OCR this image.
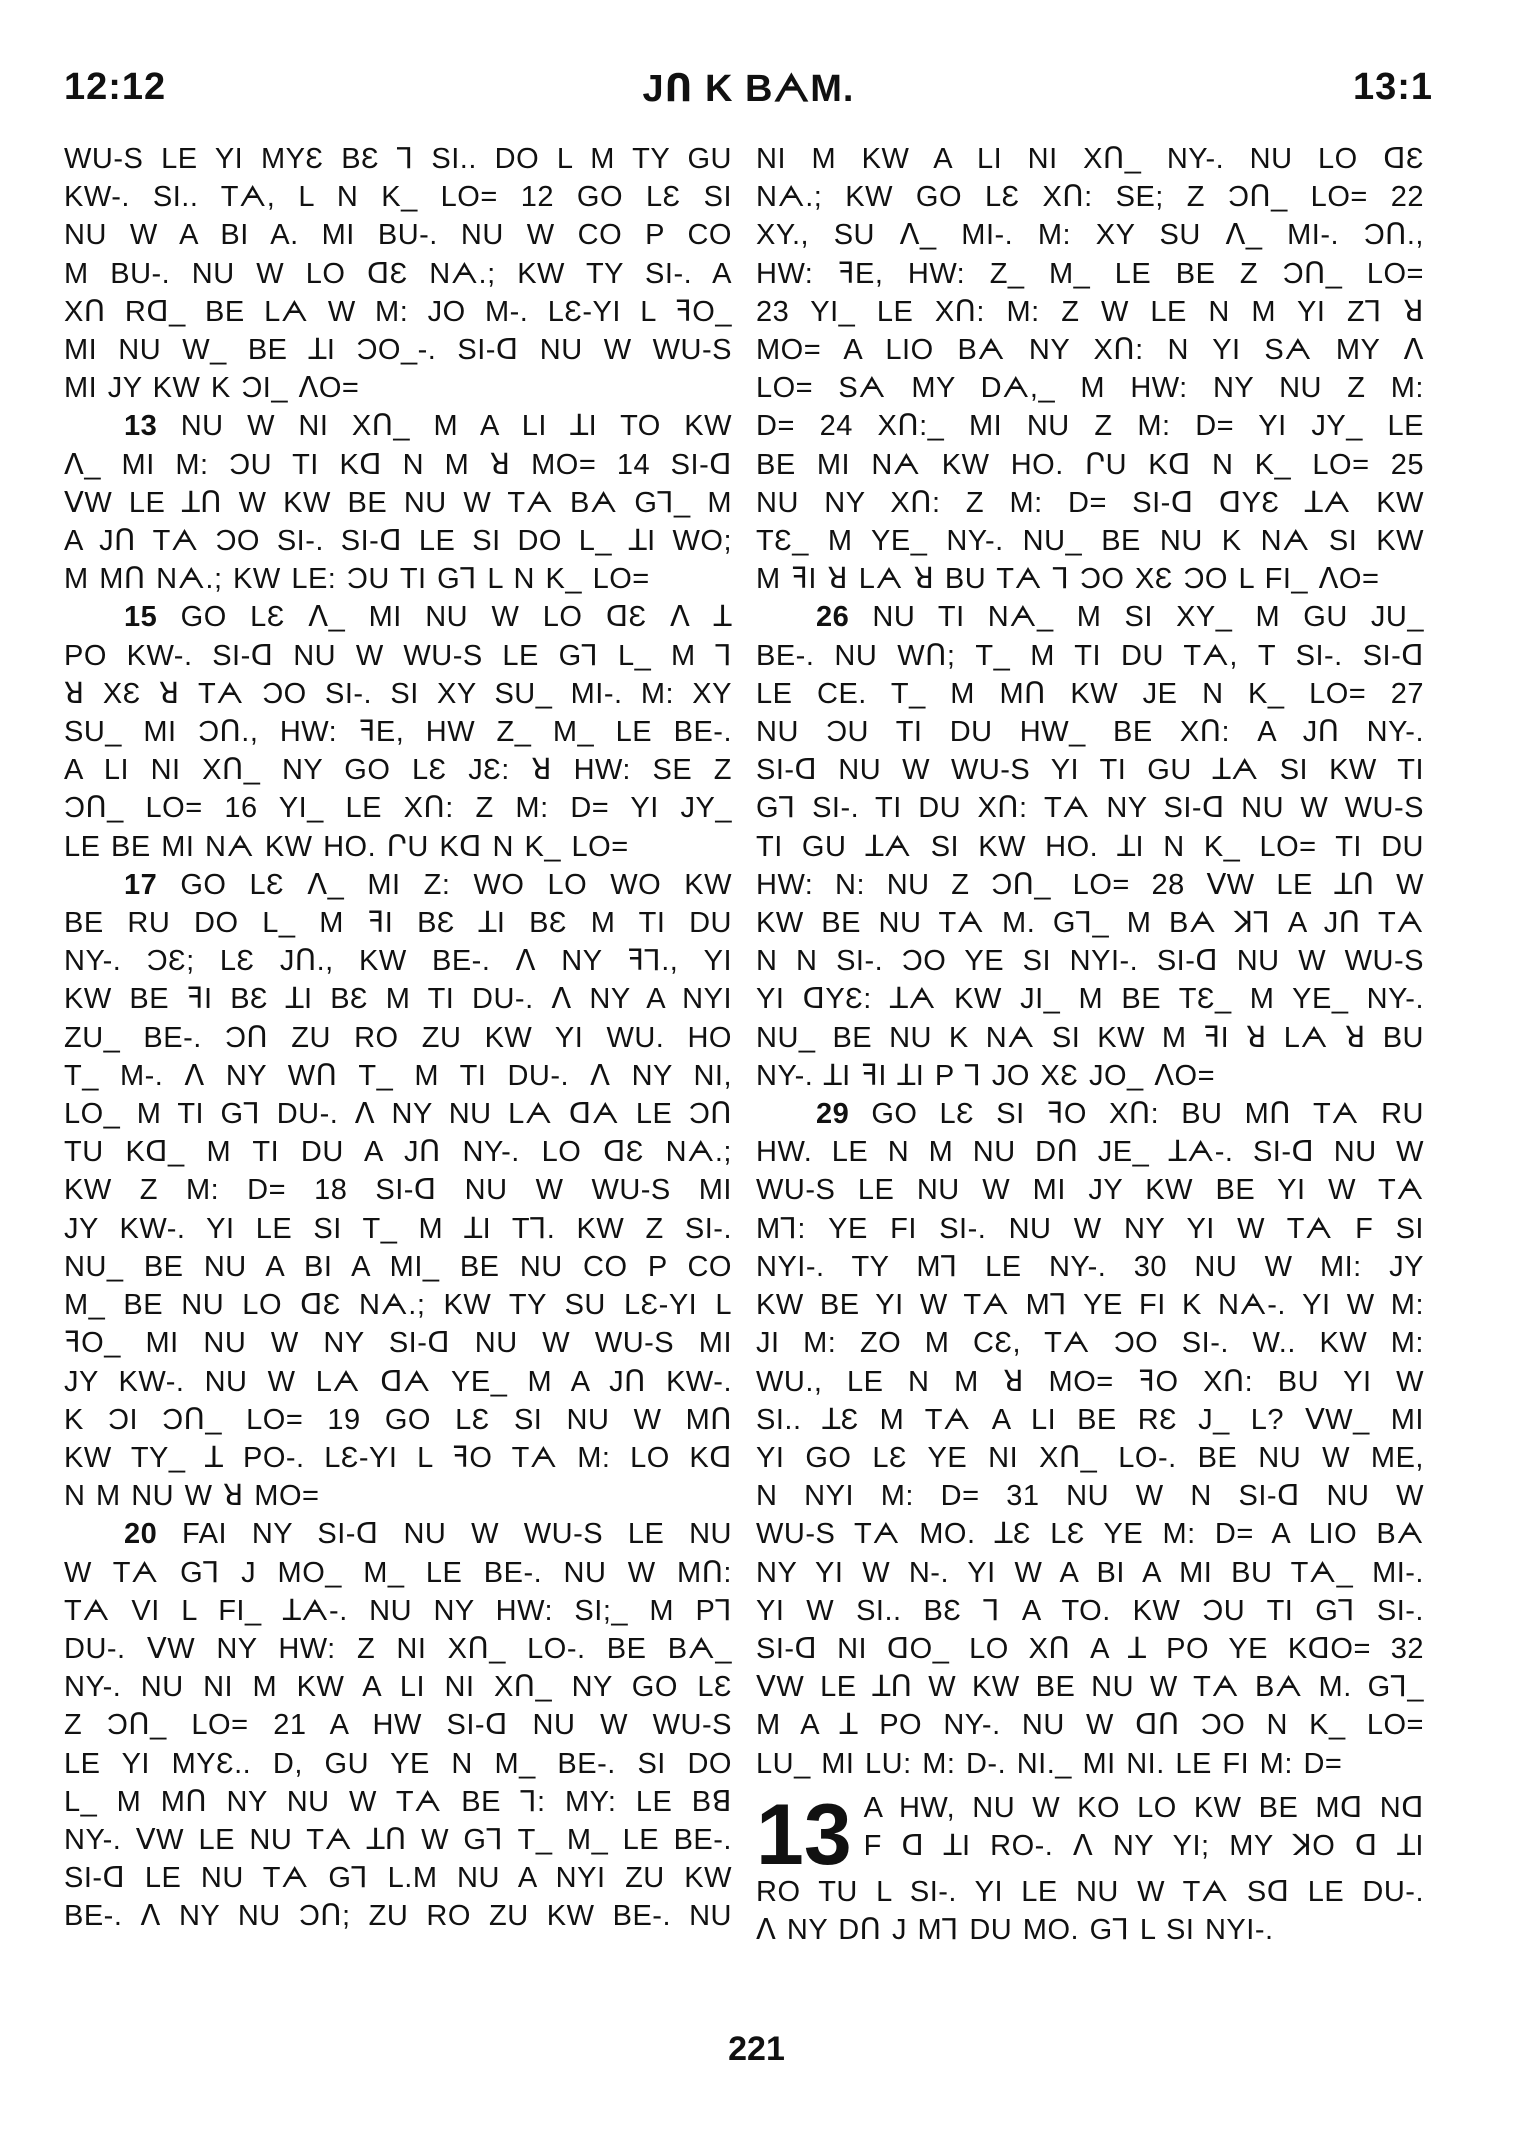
12:12	JՈ K BᗅM.	13:1

WU-S LE YI MYƐ BƐ ꓶ SI.. DO L M TY GU

KW-. SI.. Tᗅ, L N K_ LO= 12 GO LƐ SI

NU W A BI A. MI BU-. NU W CO P CO

M BU-. NU W LO ꓷƐ Nᗅ.; KW TY SI-. A

XՈ Rᗡ_ BE Lᗅ W M: JO M-. LƐ-YI L ꟻO_

MI NU W_ BE ꓕI ƆO_-. SI-ꓷ NU W WU-S

MI JY KW K ƆI_ ᐱO=

13 NU W NI XՈ_ M A LI ꓕI TO KW

ᐱ_ MI M: ƆU TI Kᗡ N M ꓤ MO= 14 SI-ꓷ

ᐯW LE ꓕՈ W KW BE NU W Tᗅ Bᗅ Gꓶ_ M

A JՈ Tᗅ ƆO SI-. SI-ꓷ LE SI DO L_ ꓕI WO;

M MՈ Nᗅ.; KW LE: ƆU TI Gꓶ L N K_ LO=

15 GO LƐ ᐱ_ MI NU W LO ꓷƐ ᐱ ꓕ

PO KW-. SI-ꓷ NU W WU-S LE Gꓶ L_ M ꓶ

ꓤ XƐ ꓤ Tᗅ ƆO SI-. SI XY SU_ MI-. M: XY

SU_ MI ƆՈ., HW: ꟻE, HW Z_ M_ LE BE-.

A LI NI XՈ_ NY GO LƐ JƐ: ꓤ HW: SE Z

ƆՈ_ LO= 16 YI_ LE XՈ: Z M: D= YI JY_

LE BE MI Nᗅ KW HO. ՐU Kᗡ N K_ LO=

17 GO LƐ ᐱ_ MI Z: WO LO WO KW

BE RU DO L_ M ꟻI BƐ ꓕI BƐ M TI DU

NY-. ƆƐ; LƐ JՈ., KW BE-. ᐱ NY ꟻꓶ., YI

KW BE ꟻI BƐ ꓕI BƐ M TI DU-. ᐱ NY A NYI

ZU_ BE-. ƆՈ ZU RO ZU KW YI WU. HO

T_ M-. ᐱ NY WՈ T_ M TI DU-. ᐱ NY NI,

LO_ M TI Gꓶ DU-. ᐱ NY NU Lᗅ ꓷᗅ LE ƆՈ

TU Kᗡ_ M TI DU A JՈ NY-. LO ꓷƐ Nᗅ.;

KW Z M: D= 18 SI-ꓷ NU W WU-S MI

JY KW-. YI LE SI T_ M ꓕI Tꓶ. KW Z SI-.

NU_ BE NU A BI A MI_ BE NU CO P CO

M_ BE NU LO ꓷƐ Nᗅ.; KW TY SU LƐ-YI L

ꟻO_ MI NU W NY SI-ꓷ NU W WU-S MI

JY KW-. NU W Lᗅ ꓷᗅ YE_ M A JՈ KW-.

K ƆI ƆՈ_ LO= 19 GO LƐ SI NU W MՈ

KW TY_ ꓕ PO-. LƐ-YI L ꟻO Tᗅ M: LO Kᗡ

N M NU W ꓤ MO=

20 FAI NY SI-ꓷ NU W WU-S LE NU

W Tᗅ Gꓶ J MO_ M_ LE BE-. NU W MՈ:

Tᗅ VI L FI_ ꓕᗅ-. NU NY HW: SI;_ M Pꓶ

DU-. ᐯW NY HW: Z NI XՈ_ LO-. BE Bᗅ_

NY-. NU NI M KW A LI NI XՈ_ NY GO LƐ

Z ƆՈ_ LO= 21 A HW SI-ꓷ NU W WU-S

LE YI MYƐ.. D, GU YE N M_ BE-. SI DO

L_ M MՈ NY NU W Tᗅ BE ꓶ: MY: LE Bꓭ

NY-. ᐯW LE NU Tᗅ ꓕՈ W Gꓶ T_ M_ LE BE-.

SI-ꓷ LE NU Tᗅ Gꓶ L.M NU A NYI ZU KW

BE-. ᐱ NY NU ƆՈ; ZU RO ZU KW BE-. NU

NI M KW A LI NI XՈ_ NY-. NU LO ꓷƐ

Nᗅ.; KW GO LƐ XՈ: SE; Z ƆՈ_ LO= 22

XY., SU ᐱ_ MI-. M: XY SU ᐱ_ MI-. ƆՈ.,

HW: ꟻE, HW: Z_ M_ LE BE Z ƆՈ_ LO=

23 YI_ LE XՈ: M: Z W LE N M YI Zꓶ ꓤ

MO= A LIO Bᗅ NY XՈ: N YI Sᗅ MY ᐱ

LO= Sᗅ MY Dᗅ,_ M HW: NY NU Z M:

D= 24 XՈ:_ MI NU Z M: D= YI JY_ LE

BE MI Nᗅ KW HO. ՐU Kᗡ N K_ LO= 25

NU NY XՈ: Z M: D= SI-ꓷ ꓷYƐ ꓕᗅ KW

TƐ_ M YE_ NY-. NU_ BE NU K Nᗅ SI KW

M ꟻI ꓤ Lᗅ ꓤ BU Tᗅ ꓶ ƆO XƐ ƆO L FI_ ᐱO=

26 NU TI Nᗅ_ M SI XY_ M GU JU_

BE-. NU WՈ; T_ M TI DU Tᗅ, T SI-. SI-ꓷ

LE CE. T_ M MՈ KW JE N K_ LO= 27

NU ƆU TI DU HW_ BE XՈ: A JՈ NY-.

SI-ꓷ NU W WU-S YI TI GU ꓕᗅ SI KW TI

Gꓶ SI-. TI DU XՈ: Tᗅ NY SI-ꓷ NU W WU-S

TI GU ꓕᗅ SI KW HO. ꓕI N K_ LO= TI DU

HW: N: NU Z ƆՈ_ LO= 28 ᐯW LE ꓕՈ W

KW BE NU Tᗅ M. Gꓶ_ M Bᗅ ꓘꓶ A JՈ Tᗅ

N N SI-. ƆO YE SI NYI-. SI-ꓷ NU W WU-S

YI ꓷYƐ: ꓕᗅ KW JI_ M BE TƐ_ M YE_ NY-.

NU_ BE NU K Nᗅ SI KW M ꟻI ꓤ Lᗅ ꓤ BU

NY-. ꓕI ꟻI ꓕI P ꓶ JO XƐ JO_ ᐱO=

29 GO LƐ SI ꟻO XՈ: BU MՈ Tᗅ RU

HW. LE N M NU DՈ JE_ ꓕᗅ-. SI-ꓷ NU W

WU-S LE NU W MI JY KW BE YI W Tᗅ

Mꓶ: YE FI SI-. NU W NY YI W Tᗅ F SI

NYI-. TY Mꓶ LE NY-. 30 NU W MI: JY

KW BE YI W Tᗅ Mꓶ YE FI K Nᗅ-. YI W M:

JI M: ZO M CƐ, Tᗅ ƆO SI-. W.. KW M:

WU., LE N M ꓤ MO= ꟻO XՈ: BU YI W

SI.. ꓕƐ M Tᗅ A LI BE RƐ J_ L? ᐯW_ MI

YI GO LƐ YE NI XՈ_ LO-. BE NU W ME,

N NYI M: D= 31 NU W N SI-ꓷ NU W

WU-S Tᗅ MO. ꓕƐ LƐ YE M: D= A LIO Bᗅ

NY YI W N-. YI W A BI A MI BU Tᗅ_ MI-.

YI W SI.. BƐ ꓶ A TO. KW ƆU TI Gꓶ SI-.

SI-ꓷ NI ꓷO_ LO XՈ A ꓕ PO YE KᗡO= 32

ᐯW LE ꓕՈ W KW BE NU W Tᗅ Bᗅ M. Gꓶ_

M A ꓕ PO NY-. NU W ꓷՈ ƆO N K_ LO=

LU_ MI LU: M: D-. NI._ MI NI. LE FI M: D=

13 A HW, NU W KO LO KW BE Mᗡ Nᗡ

F ꓷ ꓕI RO-. ᐱ NY YI; MY ꓘO ꓷ ꓕI

RO TU L SI-. YI LE NU W Tᗅ Sᗡ LE DU-.

ᐱ NY DՈ J Mꓶ DU MO. Gꓶ L SI NYI-.

221
